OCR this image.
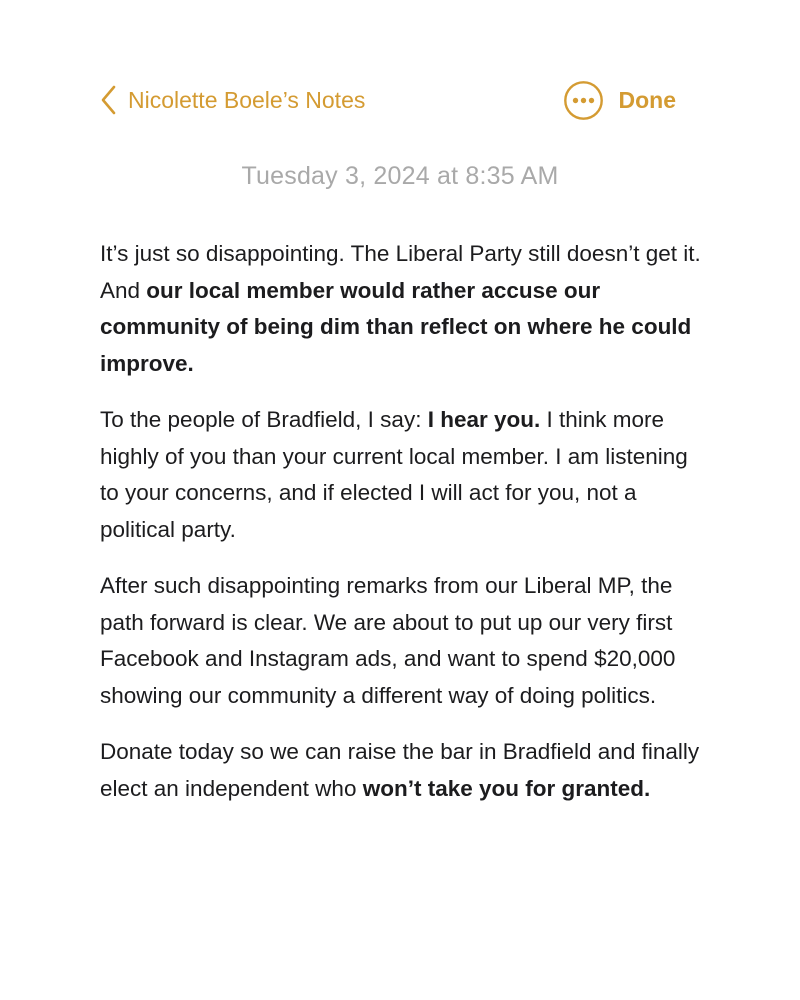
Nicolette Boele’s Notes	Done
Tuesday 3, 2024 at 8:35 AM

It’s just so disappointing. The Liberal Party still doesn’t get it. And our local member would rather accuse our community of being dim than reflect on where he could improve.

To the people of Bradfield, I say: I hear you. I think more highly of you than your current local member. I am listening to your concerns, and if elected I will act for you, not a political party.

After such disappointing remarks from our Liberal MP, the path forward is clear. We are about to put up our very first Facebook and Instagram ads, and want to spend $20,000 showing our community a different way of doing politics.

Donate today so we can raise the bar in Bradfield and finally elect an independent who won’t take you for granted.
